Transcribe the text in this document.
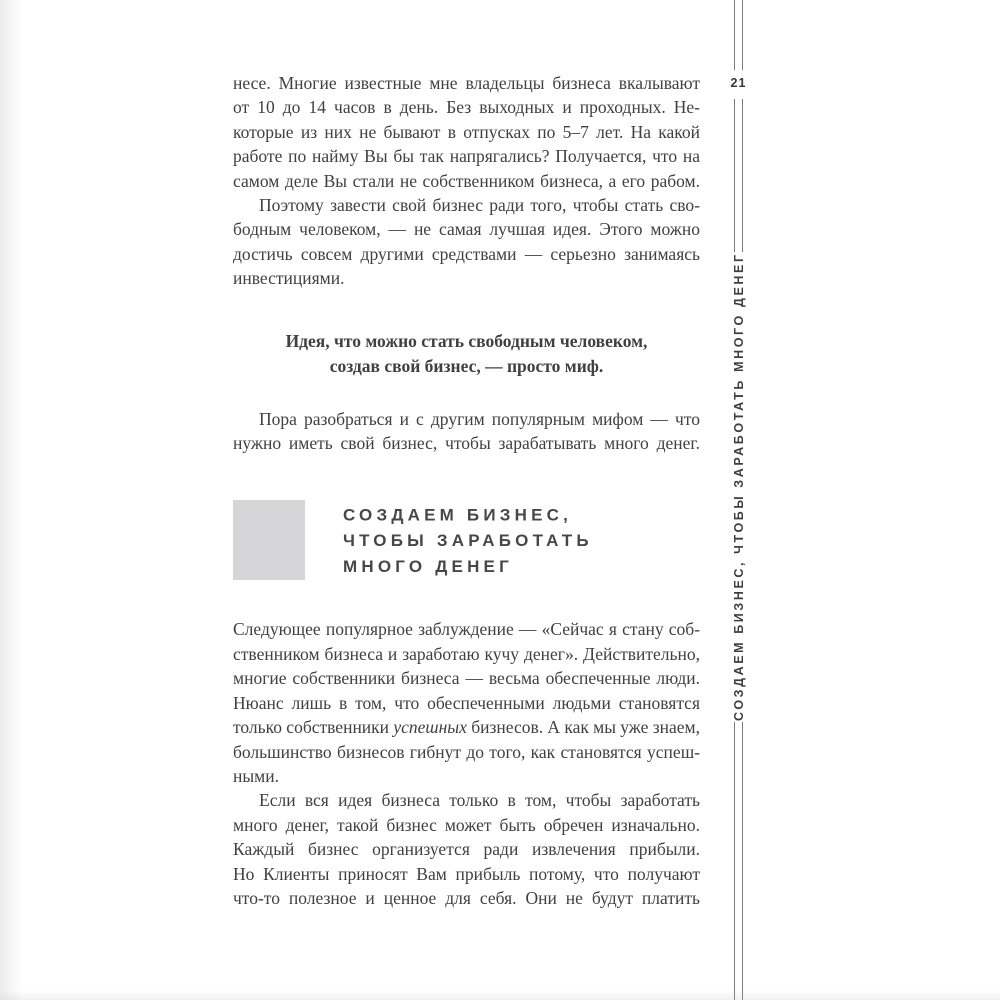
несе. Многие известные мне владельцы бизнеса вкалывают
от 10 до 14 часов в день. Без выходных и проходных. Не-
которые из них не бывают в отпусках по 5–7 лет. На какой
работе по найму Вы бы так напрягались? Получается, что на
самом деле Вы стали не собственником бизнеса, а его рабом.
Поэтому завести свой бизнес ради того, чтобы стать сво-
бодным человеком, — не самая лучшая идея. Этого можно
достичь совсем другими средствами — серьезно занимаясь
инвестициями.
Идея, что можно стать свободным человеком,
создав свой бизнес, — просто миф.
Пора разобраться и с другим популярным мифом — что
нужно иметь свой бизнес, чтобы зарабатывать много денег.
СОЗДАЕМ БИЗНЕС,
ЧТОБЫ ЗАРАБОТАТЬ
МНОГО ДЕНЕГ
Следующее популярное заблуждение — «Сейчас я стану соб-
ственником бизнеса и заработаю кучу денег». Действительно,
многие собственники бизнеса — весьма обеспеченные люди.
Нюанс лишь в том, что обеспеченными людьми становятся
только собственники успешных бизнесов. А как мы уже знаем,
большинство бизнесов гибнут до того, как становятся успеш-
ными.
Если вся идея бизнеса только в том, чтобы заработать
много денег, такой бизнес может быть обречен изначально.
Каждый бизнес организуется ради извлечения прибыли.
Но Клиенты приносят Вам прибыль потому, что получают
что-то полезное и ценное для себя. Они не будут платить
21
СОЗДАЕМ БИЗНЕС, ЧТОБЫ ЗАРАБОТАТЬ МНОГО ДЕНЕГ
